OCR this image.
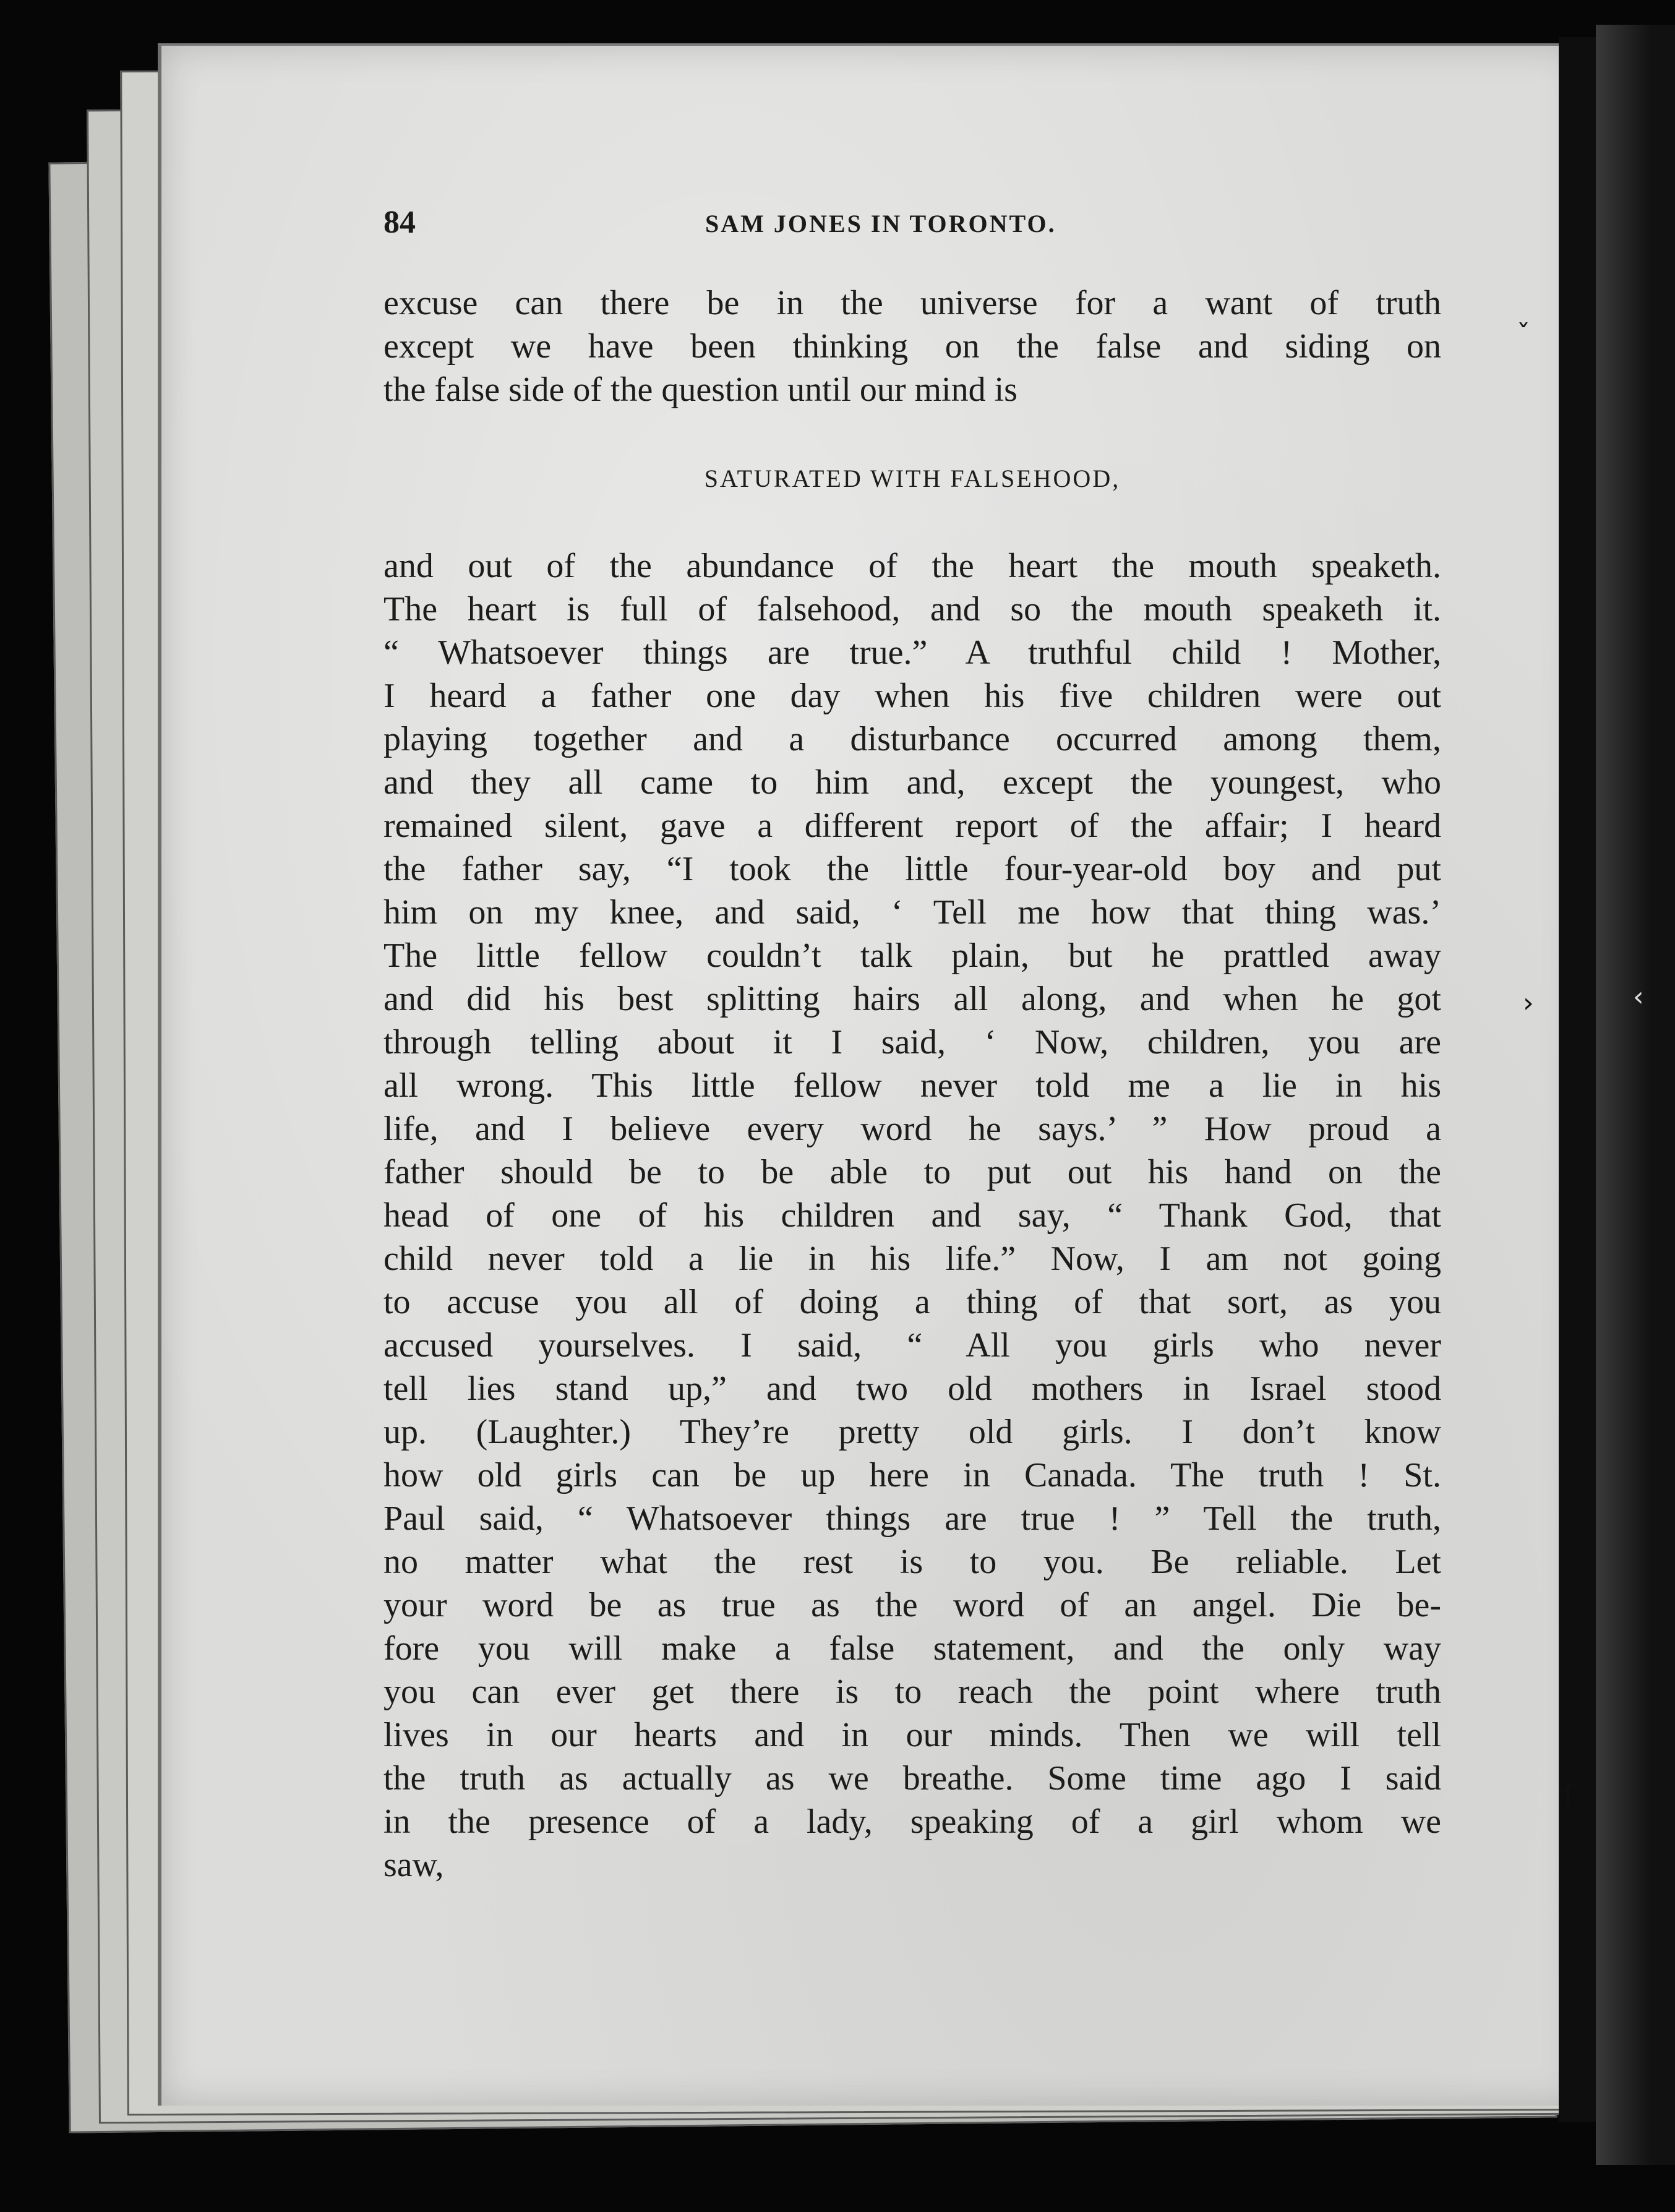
ˇ
›	‹
ſ
84	SAM JONES IN TORONTO.
excuse can there be in the universe for a want of truth
except we have been thinking on the false and siding on
the false side of the question until our mind is
SATURATED WITH FALSEHOOD,
and out of the abundance of the heart the mouth speaketh.
The heart is full of falsehood, and so the mouth speaketh it.
“ Whatsoever things are true.” A truthful child ! Mother,
I heard a father one day when his five children were out
playing together and a disturbance occurred among them,
and they all came to him and, except the youngest, who
remained silent, gave a different report of the affair; I heard
the father say, “I took the little four-year-old boy and put
him on my knee, and said, ‘ Tell me how that thing was.’
The little fellow couldn’t talk plain, but he prattled away
and did his best splitting hairs all along, and when he got
through telling about it I said, ‘ Now, children, you are
all wrong. This little fellow never told me a lie in his
life, and I believe every word he says.’ ” How proud a
father should be to be able to put out his hand on the
head of one of his children and say, “ Thank God, that
child never told a lie in his life.” Now, I am not going
to accuse you all of doing a thing of that sort, as you
accused yourselves. I said, “ All you girls who never
tell lies stand up,” and two old mothers in Israel stood
up. (Laughter.) They’re pretty old girls. I don’t know
how old girls can be up here in Canada. The truth ! St.
Paul said, “ Whatsoever things are true ! ” Tell the truth,
no matter what the rest is to you. Be reliable. Let
your word be as true as the word of an angel. Die be-
fore you will make a false statement, and the only way
you can ever get there is to reach the point where truth
lives in our hearts and in our minds. Then we will tell
the truth as actually as we breathe. Some time ago I said
in the presence of a lady, speaking of a girl whom we
saw,
